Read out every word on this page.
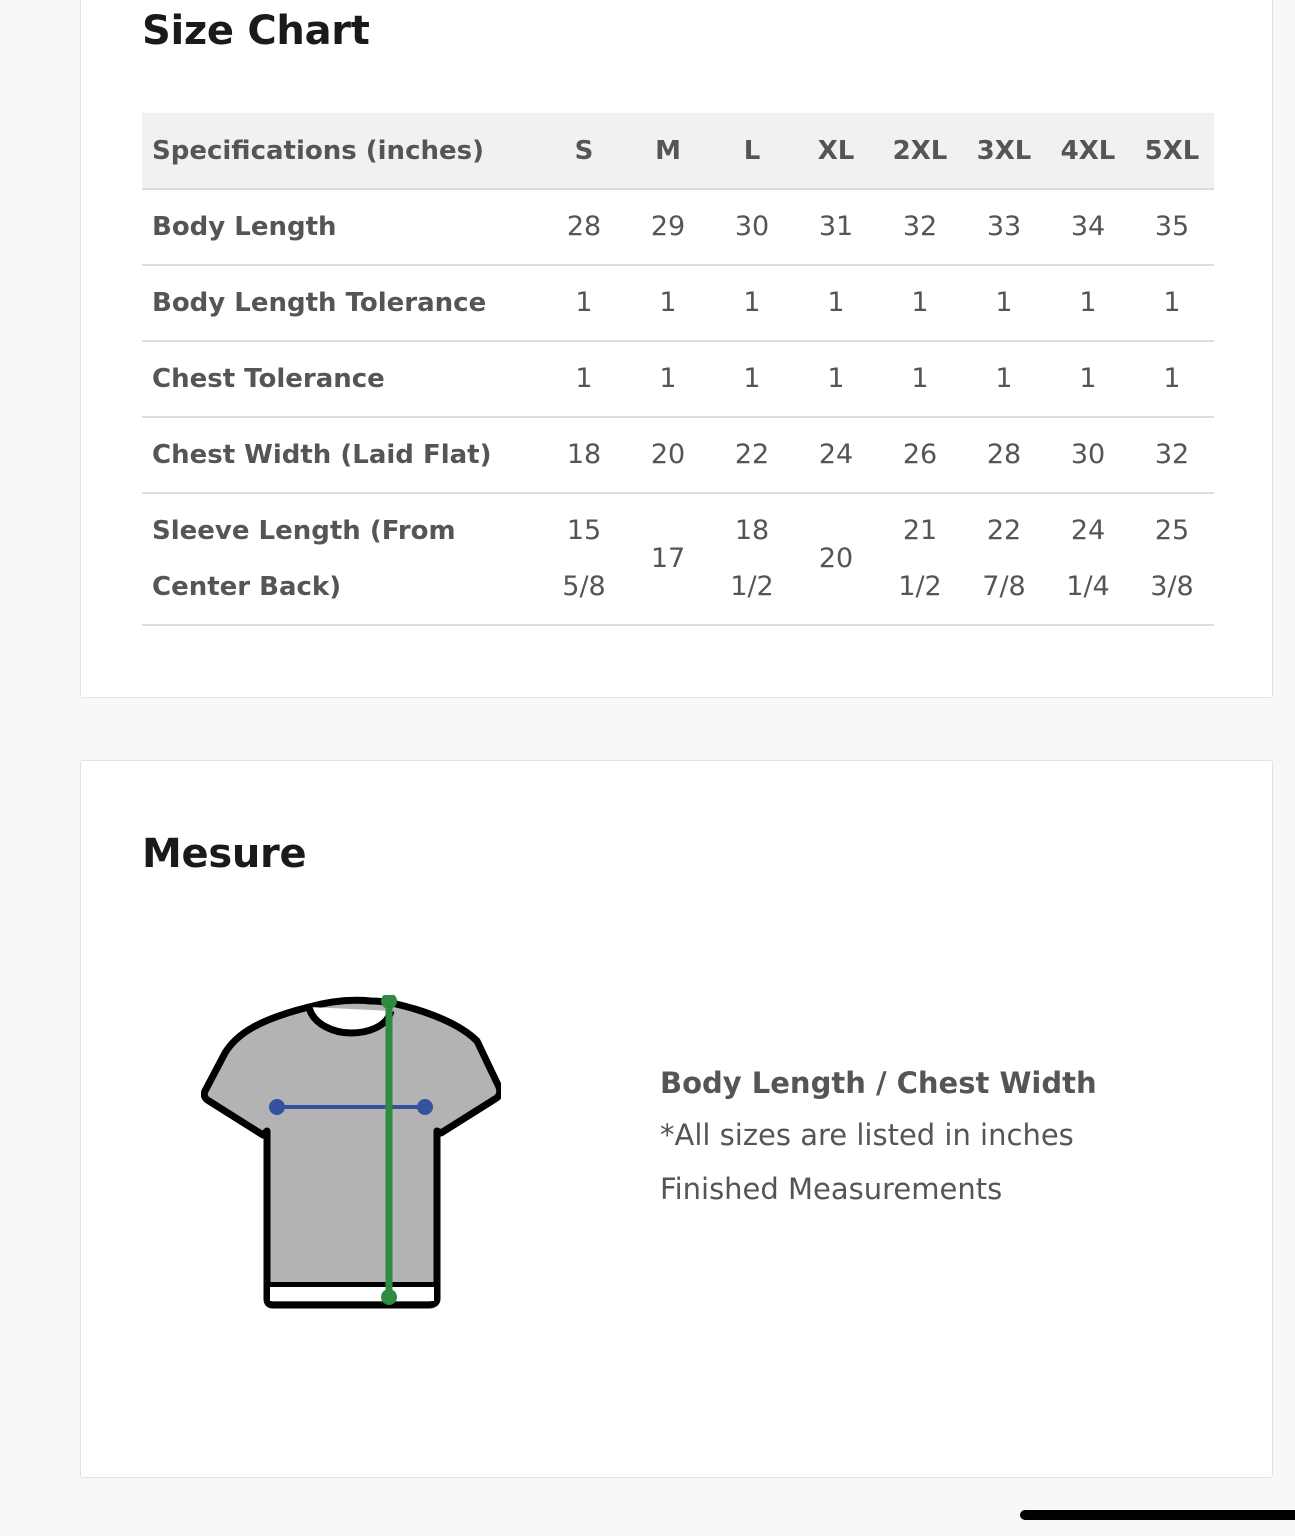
Size Chart
Specifications (inches)	S	M	L	XL	2XL	3XL	4XL	5XL
Body Length	28	29	30	31	32	33	34	35
Body Length Tolerance	1	1	1	1	1	1	1	1
Chest Tolerance	1	1	1	1	1	1	1	1
Chest Width (Laid Flat)	18	20	22	24	26	28	30	32
Sleeve Length (From Center Back)	15 5/8	17	18 1/2	20	21 1/2	22 7/8	24 1/4	25 3/8
Mesure

Body Length / Chest Width

*All sizes are listed in inches

Finished Measurements
